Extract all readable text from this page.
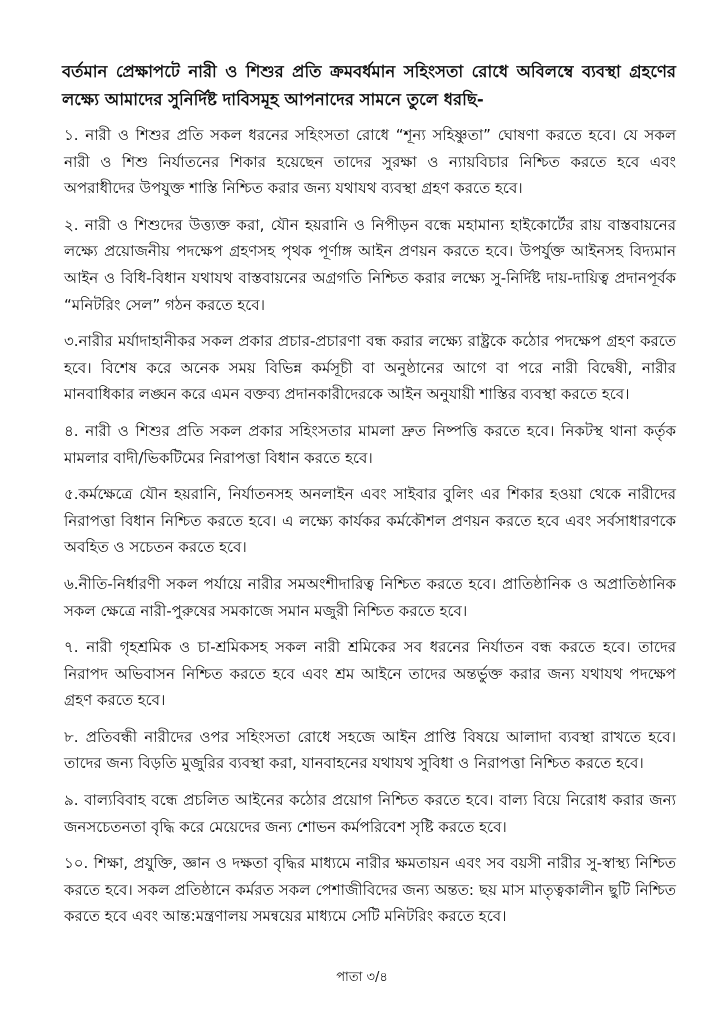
বর্তমান প্রেক্ষাপটে নারী ও শিশুর প্রতি ক্রমবর্ধমান সহিংসতা রোধে অবিলম্বে ব্যবস্থা গ্রহণের লক্ষ্যে আমাদের সুনির্দিষ্ট দাবিসমূহ আপনাদের সামনে তুলে ধরছি-

১. নারী ও শিশুর প্রতি সকল ধরনের সহিংসতা রোধে “শূন্য সহিষ্ণুতা” ঘোষণা করতে হবে। যে সকল নারী ও শিশু নির্যাতনের শিকার হয়েছেন তাদের সুরক্ষা ও ন্যায়বিচার নিশ্চিত করতে হবে এবং অপরাধীদের উপযুক্ত শাস্তি নিশ্চিত করার জন্য যথাযথ ব্যবস্থা গ্রহণ করতে হবে।
২. নারী ও শিশুদের উত্ত্যক্ত করা, যৌন হয়রানি ও নিপীড়ন বন্ধে মহামান্য হাইকোর্টের রায় বাস্তবায়নের লক্ষ্যে প্রয়োজনীয় পদক্ষেপ গ্রহণসহ পৃথক পূর্ণাঙ্গ আইন প্রণয়ন করতে হবে। উপর্যুক্ত আইনসহ বিদ্যমান আইন ও বিধি-বিধান যথাযথ বাস্তবায়নের অগ্রগতি নিশ্চিত করার লক্ষ্যে সু-নির্দিষ্ট দায়-দায়িত্ব প্রদানপূর্বক “মনিটরিং সেল” গঠন করতে হবে।
৩.নারীর মর্যাদাহানীকর সকল প্রকার প্রচার-প্রচারণা বন্ধ করার লক্ষ্যে রাষ্ট্রকে কঠোর পদক্ষেপ গ্রহণ করতে হবে। বিশেষ করে অনেক সময় বিভিন্ন কর্মসূচী বা অনুষ্ঠানের আগে বা পরে নারী বিদ্বেষী, নারীর মানবাধিকার লঙ্ঘন করে এমন বক্তব্য প্রদানকারীদেরকে আইন অনুযায়ী শাস্তির ব্যবস্থা করতে হবে।
৪. নারী ও শিশুর প্রতি সকল প্রকার সহিংসতার মামলা দ্রুত নিষ্পত্তি করতে হবে। নিকটস্থ থানা কর্তৃক মামলার বাদী/ভিকটিমের নিরাপত্তা বিধান করতে হবে।
৫.কর্মক্ষেত্রে যৌন হয়রানি, নির্যাতনসহ অনলাইন এবং সাইবার বুলিং এর শিকার হওয়া থেকে নারীদের নিরাপত্তা বিধান নিশ্চিত করতে হবে। এ লক্ষ্যে কার্যকর কর্মকৌশল প্রণয়ন করতে হবে এবং সর্বসাধারণকে অবহিত ও সচেতন করতে হবে।
৬.নীতি-নির্ধারণী সকল পর্যায়ে নারীর সমঅংশীদারিত্ব নিশ্চিত করতে হবে। প্রাতিষ্ঠানিক ও অপ্রাতিষ্ঠানিক সকল ক্ষেত্রে নারী-পুরুষের সমকাজে সমান মজুরী নিশ্চিত করতে হবে।
৭. নারী গৃহশ্রমিক ও চা-শ্রমিকসহ সকল নারী শ্রমিকের সব ধরনের নির্যাতন বন্ধ করতে হবে। তাদের নিরাপদ অভিবাসন নিশ্চিত করতে হবে এবং শ্রম আইনে তাদের অন্তর্ভুক্ত করার জন্য যথাযথ পদক্ষেপ গ্রহণ করতে হবে।
৮. প্রতিবন্ধী নারীদের ওপর সহিংসতা রোধে সহজে আইন প্রাপ্তি বিষয়ে আলাদা ব্যবস্থা রাখতে হবে। তাদের জন্য বিড়তি মুজুরির ব্যবস্থা করা, যানবাহনের যথাযথ সুবিধা ও নিরাপত্তা নিশ্চিত করতে হবে।
৯. বাল্যবিবাহ বন্ধে প্রচলিত আইনের কঠোর প্রয়োগ নিশ্চিত করতে হবে। বাল্য বিয়ে নিরোধ করার জন্য জনসচেতনতা বৃদ্ধি করে মেয়েদের জন্য শোভন কর্মপরিবেশ সৃষ্টি করতে হবে।
১০. শিক্ষা, প্রযুক্তি, জ্ঞান ও দক্ষতা বৃদ্ধির মাধ্যমে নারীর ক্ষমতায়ন এবং সব বয়সী নারীর সু-স্বাস্থ্য নিশ্চিত করতে হবে। সকল প্রতিষ্ঠানে কর্মরত সকল পেশাজীবিদের জন্য অন্তত: ছয় মাস মাতৃত্বকালীন ছুটি নিশ্চিত করতে হবে এবং আন্ত:মন্ত্রণালয় সমন্বয়ের মাধ্যমে সেটি মনিটরিং করতে হবে।
পাতা ৩/৪
